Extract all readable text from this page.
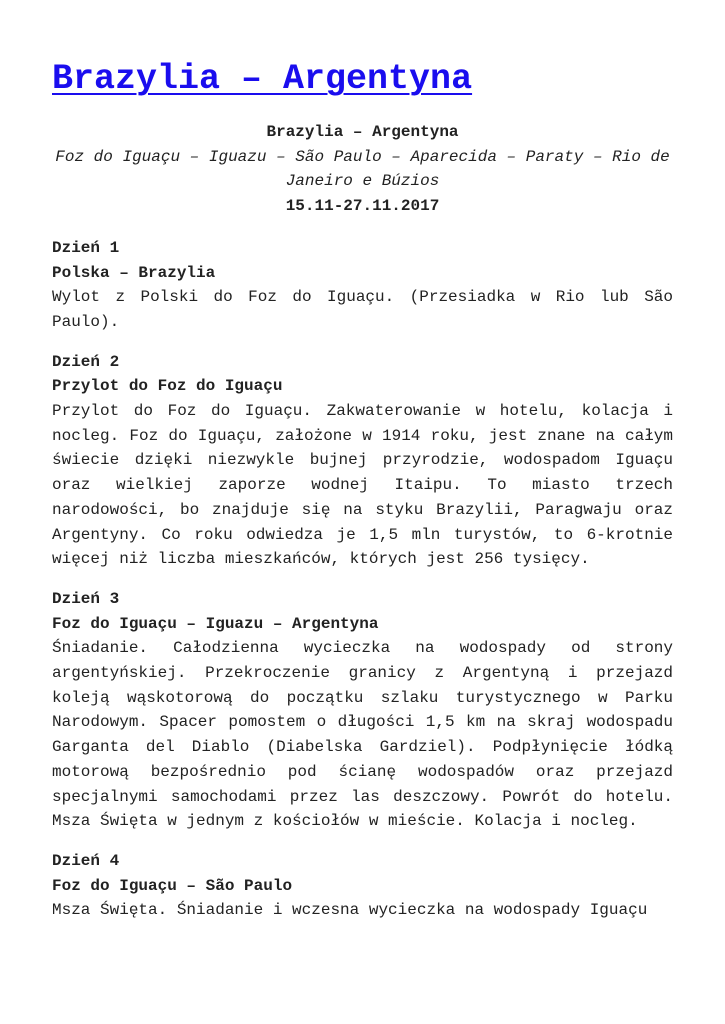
Brazylia – Argentyna
Brazylia – Argentyna
Foz do Iguaçu – Iguazu – São Paulo – Aparecida – Paraty – Rio de Janeiro e Búzios
15.11-27.11.2017
Dzień 1
Polska – Brazylia
Wylot z Polski do Foz do Iguaçu. (Przesiadka w Rio lub São Paulo).
Dzień 2
Przylot do Foz do Iguaçu
Przylot do Foz do Iguaçu. Zakwaterowanie w hotelu, kolacja i nocleg. Foz do Iguaçu, założone w 1914 roku, jest znane na całym świecie dzięki niezwykle bujnej przyrodzie, wodospadom Iguaçu oraz wielkiej zaporze wodnej Itaipu. To miasto trzech narodowości, bo znajduje się na styku Brazylii, Paragwaju oraz Argentyny. Co roku odwiedza je 1,5 mln turystów, to 6-krotnie więcej niż liczba mieszkańców, których jest 256 tysięcy.
Dzień 3
Foz do Iguaçu – Iguazu – Argentyna
Śniadanie. Całodzienna wycieczka na wodospady od strony argentyńskiej. Przekroczenie granicy z Argentyną i przejazd koleją wąskotorową do początku szlaku turystycznego w Parku Narodowym. Spacer pomostem o długości 1,5 km na skraj wodospadu Garganta del Diablo (Diabelska Gardziel). Podpłynięcie łódką motorową bezpośrednio pod ścianę wodospadów oraz przejazd specjalnymi samochodami przez las deszczowy. Powrót do hotelu. Msza Święta w jednym z kościołów w mieście. Kolacja i nocleg.
Dzień 4
Foz do Iguaçu – São Paulo
Msza Święta. Śniadanie i wczesna wycieczka na wodospady Iguaçu
